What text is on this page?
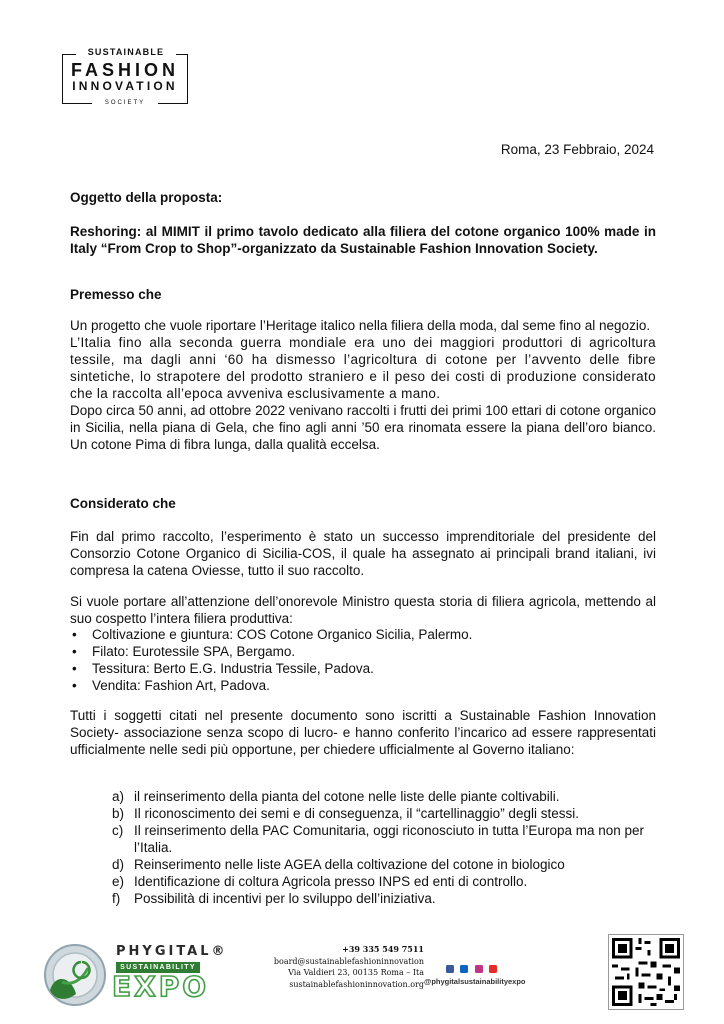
SUSTAINABLE
FASHION
INNOVATION
SOCIETY
Roma, 23 Febbraio, 2024
Oggetto della proposta:
Reshoring: al MIMIT il primo tavolo dedicato alla filiera del cotone organico 100% made in Italy “From Crop to Shop”-organizzato da Sustainable Fashion Innovation Society.
Premesso che

Un progetto che vuole riportare l’Heritage italico nella filiera della moda, dal seme fino al negozio.

L’Italia fino alla seconda guerra mondiale era uno dei maggiori produttori di agricoltura tessile, ma dagli anni ‘60 ha dismesso l’agricoltura di cotone per l’avvento delle fibre sintetiche, lo strapotere del prodotto straniero e il peso dei costi di produzione considerato che la raccolta all’epoca avveniva esclusivamente a mano.

Dopo circa 50 anni, ad ottobre 2022 venivano raccolti i frutti dei primi 100 ettari di cotone organico in Sicilia, nella piana di Gela, che fino agli anni ’50 era rinomata essere la piana dell’oro bianco. Un cotone Pima di fibra lunga, dalla qualità eccelsa.

Considerato che
Fin dal primo raccolto, l’esperimento è stato un successo imprenditoriale del presidente del Consorzio Cotone Organico di Sicilia-COS, il quale ha assegnato ai principali brand italiani, ivi compresa la catena Oviesse, tutto il suo raccolto.
Si vuole portare all’attenzione dell’onorevole Ministro questa storia di filiera agricola, mettendo al suo cospetto l’intera filiera produttiva:
• Coltivazione e giuntura: COS Cotone Organico Sicilia, Palermo.
• Filato: Eurotessile SPA, Bergamo.
• Tessitura: Berto E.G. Industria Tessile, Padova.
• Vendita: Fashion Art, Padova.
Tutti i soggetti citati nel presente documento sono iscritti a Sustainable Fashion Innovation Society- associazione senza scopo di lucro- e hanno conferito l’incarico ad essere rappresentati ufficialmente nelle sedi più opportune, per chiedere ufficialmente al Governo italiano:
a) il reinserimento della pianta del cotone nelle liste delle piante coltivabili.
b) Il riconoscimento dei semi e di conseguenza, il “cartellinaggio” degli stessi.
c) Il reinserimento della PAC Comunitaria, oggi riconosciuto in tutta l’Europa ma non per l’Italia.
d) Reinserimento nelle liste AGEA della coltivazione del cotone in biologico
e) Identificazione di coltura Agricola presso INPS ed enti di controllo.
f) Possibilità di incentivi per lo sviluppo dell’iniziativa.
PHYGITAL®
SUSTAINABILITY
EXPO
+39 335 549 7511
board@sustainablefashioninnovation
Via Valdieri 23, 00135 Roma – Ita
sustainablefashioninnovation.org
@phygitalsustainabilityexpo
